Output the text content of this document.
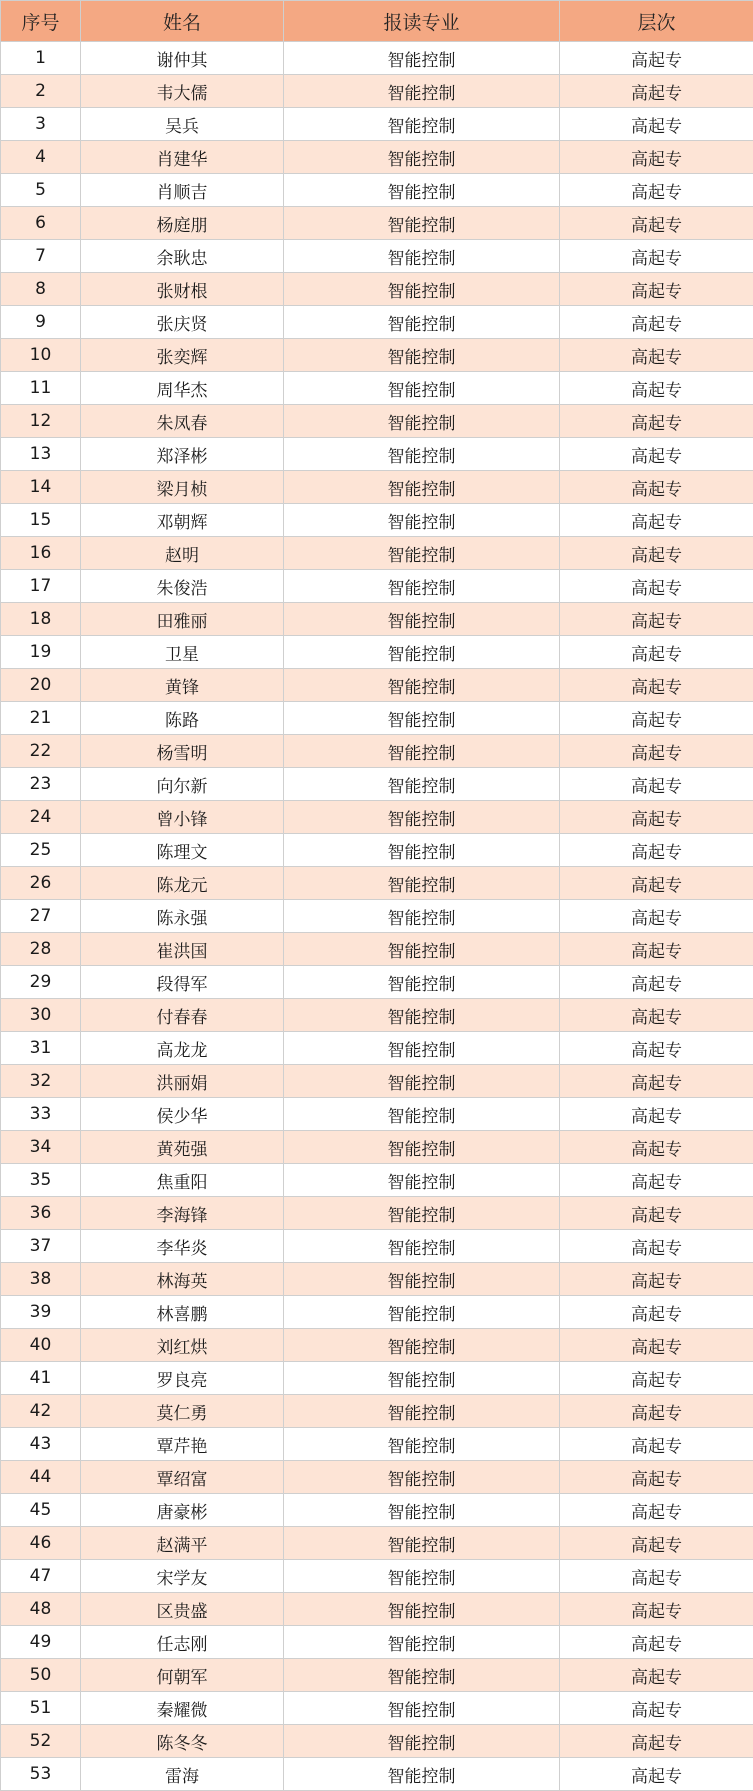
序号	姓名	报读专业	层次
1	谢仲其	智能控制	高起专
2	韦大儒	智能控制	高起专
3	吴兵	智能控制	高起专
4	肖建华	智能控制	高起专
5	肖顺吉	智能控制	高起专
6	杨庭朋	智能控制	高起专
7	余耿忠	智能控制	高起专
8	张财根	智能控制	高起专
9	张庆贤	智能控制	高起专
10	张奕辉	智能控制	高起专
11	周华杰	智能控制	高起专
12	朱凤春	智能控制	高起专
13	郑泽彬	智能控制	高起专
14	梁月桢	智能控制	高起专
15	邓朝辉	智能控制	高起专
16	赵明	智能控制	高起专
17	朱俊浩	智能控制	高起专
18	田雅丽	智能控制	高起专
19	卫星	智能控制	高起专
20	黄锋	智能控制	高起专
21	陈路	智能控制	高起专
22	杨雪明	智能控制	高起专
23	向尔新	智能控制	高起专
24	曾小锋	智能控制	高起专
25	陈理文	智能控制	高起专
26	陈龙元	智能控制	高起专
27	陈永强	智能控制	高起专
28	崔洪国	智能控制	高起专
29	段得军	智能控制	高起专
30	付春春	智能控制	高起专
31	高龙龙	智能控制	高起专
32	洪丽娟	智能控制	高起专
33	侯少华	智能控制	高起专
34	黄苑强	智能控制	高起专
35	焦重阳	智能控制	高起专
36	李海锋	智能控制	高起专
37	李华炎	智能控制	高起专
38	林海英	智能控制	高起专
39	林喜鹏	智能控制	高起专
40	刘红烘	智能控制	高起专
41	罗良亮	智能控制	高起专
42	莫仁勇	智能控制	高起专
43	覃芹艳	智能控制	高起专
44	覃绍富	智能控制	高起专
45	唐豪彬	智能控制	高起专
46	赵满平	智能控制	高起专
47	宋学友	智能控制	高起专
48	区贵盛	智能控制	高起专
49	任志刚	智能控制	高起专
50	何朝军	智能控制	高起专
51	秦耀微	智能控制	高起专
52	陈冬冬	智能控制	高起专
53	雷海	智能控制	高起专
